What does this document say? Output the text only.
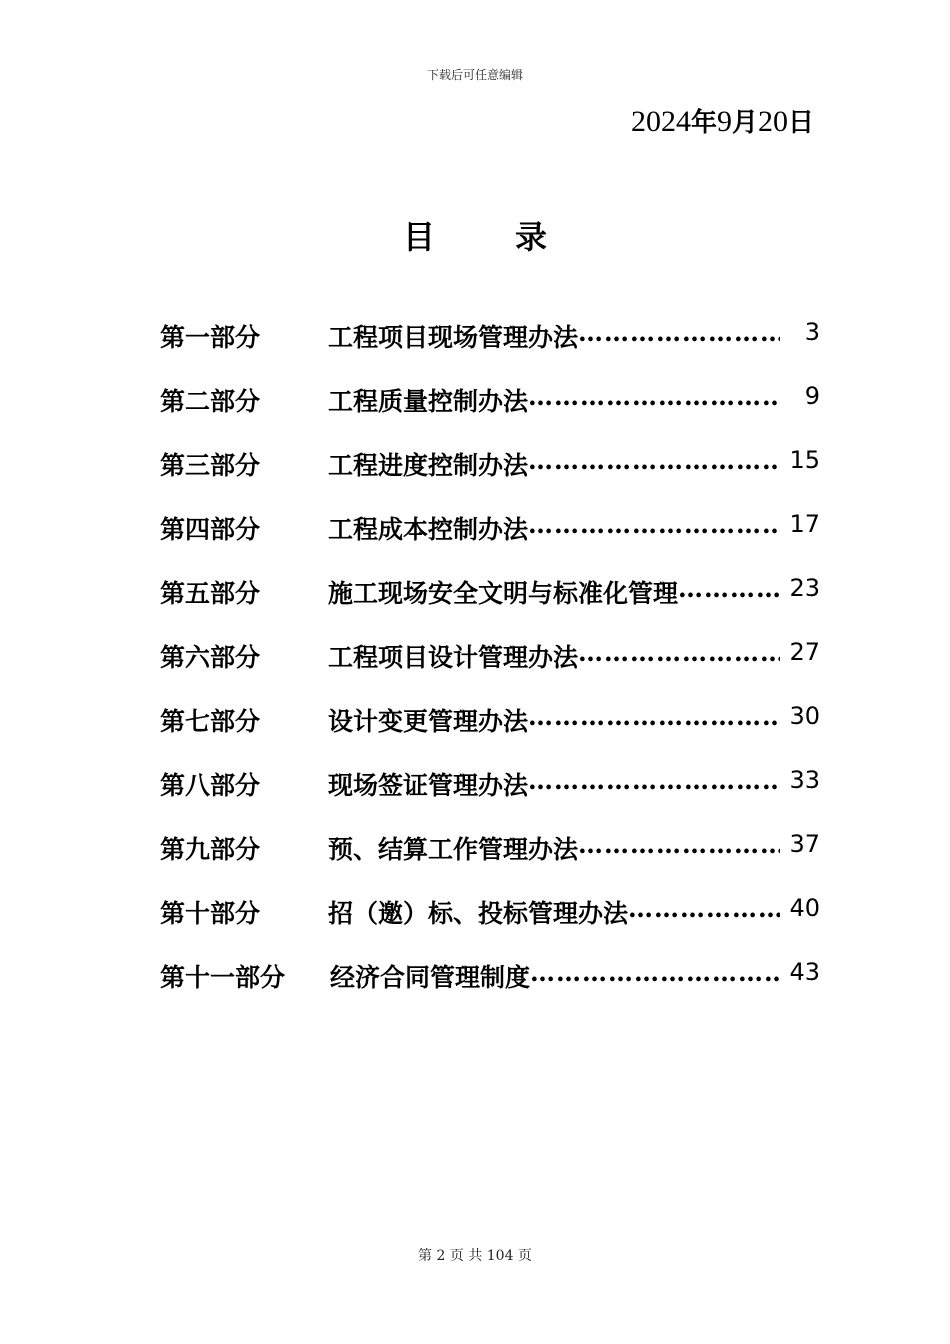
下载后可任意编辑
2024年9月20日
目录
第一部分	工程项目现场管理办法 ……………………………………………………………………	3
第二部分	工程质量控制办法 ……………………………………………………………………	9
第三部分	工程进度控制办法 ……………………………………………………………………	15
第四部分	工程成本控制办法 ……………………………………………………………………	17
第五部分	施工现场安全文明与标准化管理 ……………………………………………………………………	23
第六部分	工程项目设计管理办法 ……………………………………………………………………	27
第七部分	设计变更管理办法 ……………………………………………………………………	30
第八部分	现场签证管理办法 ……………………………………………………………………	33
第九部分	预、结算工作管理办法 ……………………………………………………………………	37
第十部分	招（邀）标、投标管理办法 ……………………………………………………………………	40
第十一部分 经济合同管理制度 ……………………………………………………………………	43
第 2 页 共 104 页
